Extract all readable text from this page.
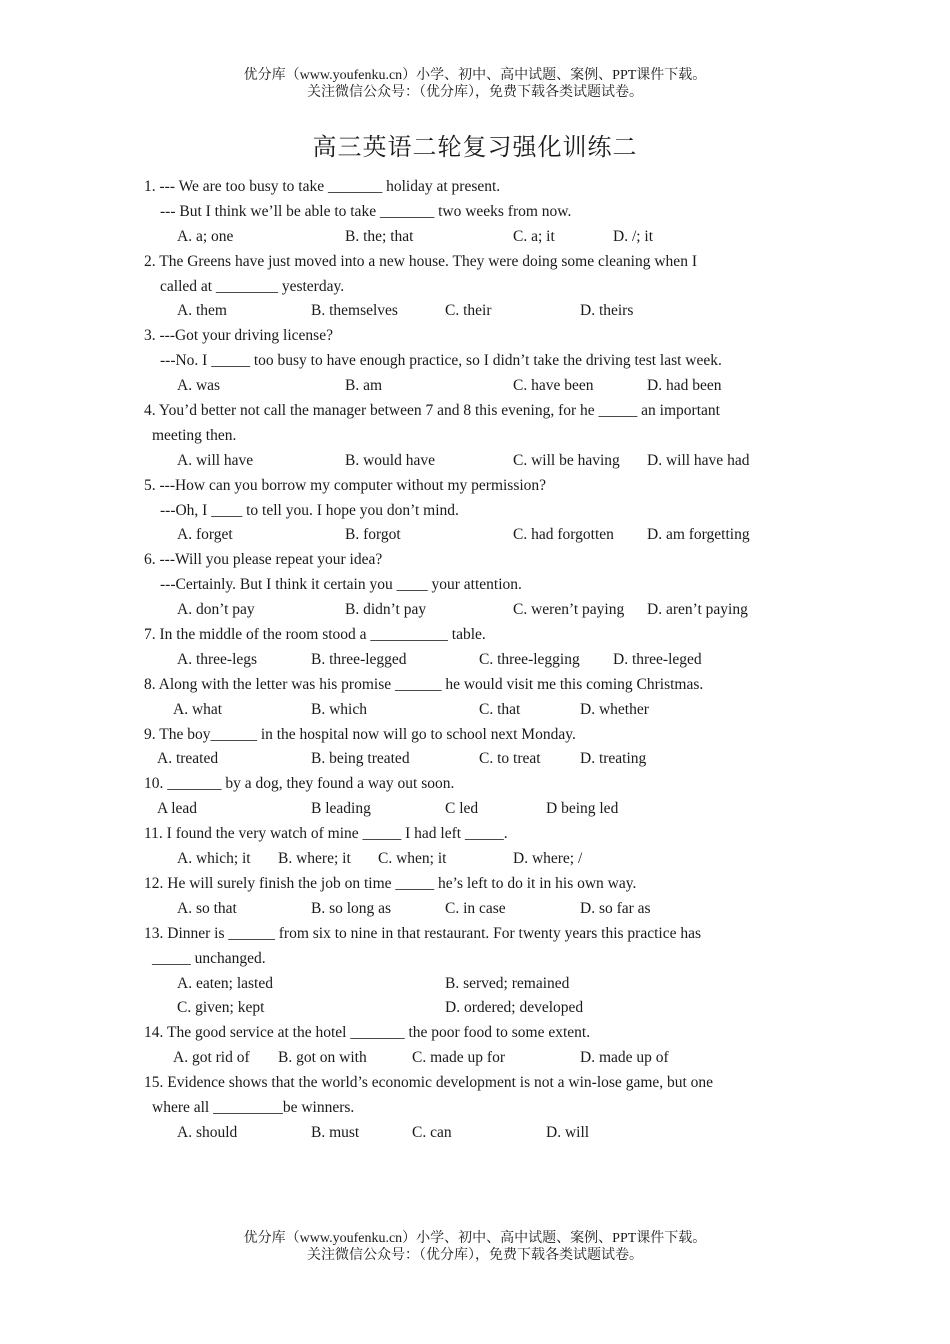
优分库（www.youfenku.cn）小学、初中、高中试题、案例、PPT课件下载。
关注微信公众号：（优分库），免费下载各类试题试卷。
高三英语二轮复习强化训练二
1. --- We are too busy to take _______ holiday at present.
--- But I think we’ll be able to take _______ two weeks from now.
A. a; one	B. the; that	C. a; it	D. /; it
2. The Greens have just moved into a new house. They were doing some cleaning when I
called at ________ yesterday.
A. them	B. themselves	C. their	D. theirs
3. ---Got your driving license?
---No. I _____ too busy to have enough practice, so I didn’t take the driving test last week.
A. was	B. am	C. have been	D. had been
4. You’d better not call the manager between 7 and 8 this evening, for he _____ an important
meeting then.
A. will have	B. would have	C. will be having D. will have had
5. ---How can you borrow my computer without my permission?
---Oh, I ____ to tell you. I hope you don’t mind.
A. forget	B. forgot	C. had forgotten D. am forgetting
6. ---Will you please repeat your idea?
---Certainly. But I think it certain you ____ your attention.
A. don’t pay	B. didn’t pay	C. weren’t paying D. aren’t paying
7. In the middle of the room stood a __________ table.
A. three-legs	B. three-legged	C. three-legging D. three-leged
8. Along with the letter was his promise ______ he would visit me this coming Christmas.
A. what	B. which	C. that	D. whether
9. The boy______ in the hospital now will go to school next Monday.
A. treated	B. being treated	C. to treat	D. treating
10. _______ by a dog, they found a way out soon.
A lead	B leading	C led	D being led
11. I found the very watch of mine _____ I had left _____.
A. which; it B. where; it C. when; it	D. where; /
12. He will surely finish the job on time _____ he’s left to do it in his own way.
A. so that	B. so long as	C. in case	D. so far as
13. Dinner is ______ from six to nine in that restaurant. For twenty years this practice has
_____ unchanged.
A. eaten; lasted	B. served; remained
C. given; kept	D. ordered; developed
14. The good service at the hotel _______ the poor food to some extent.
A. got rid of B. got on with	C. made up for	D. made up of
15. Evidence shows that the world’s economic development is not a win-lose game, but one
where all _________be winners.
A. should	B. must	C. can	D. will
优分库（www.youfenku.cn）小学、初中、高中试题、案例、PPT课件下载。
关注微信公众号：（优分库），免费下载各类试题试卷。
